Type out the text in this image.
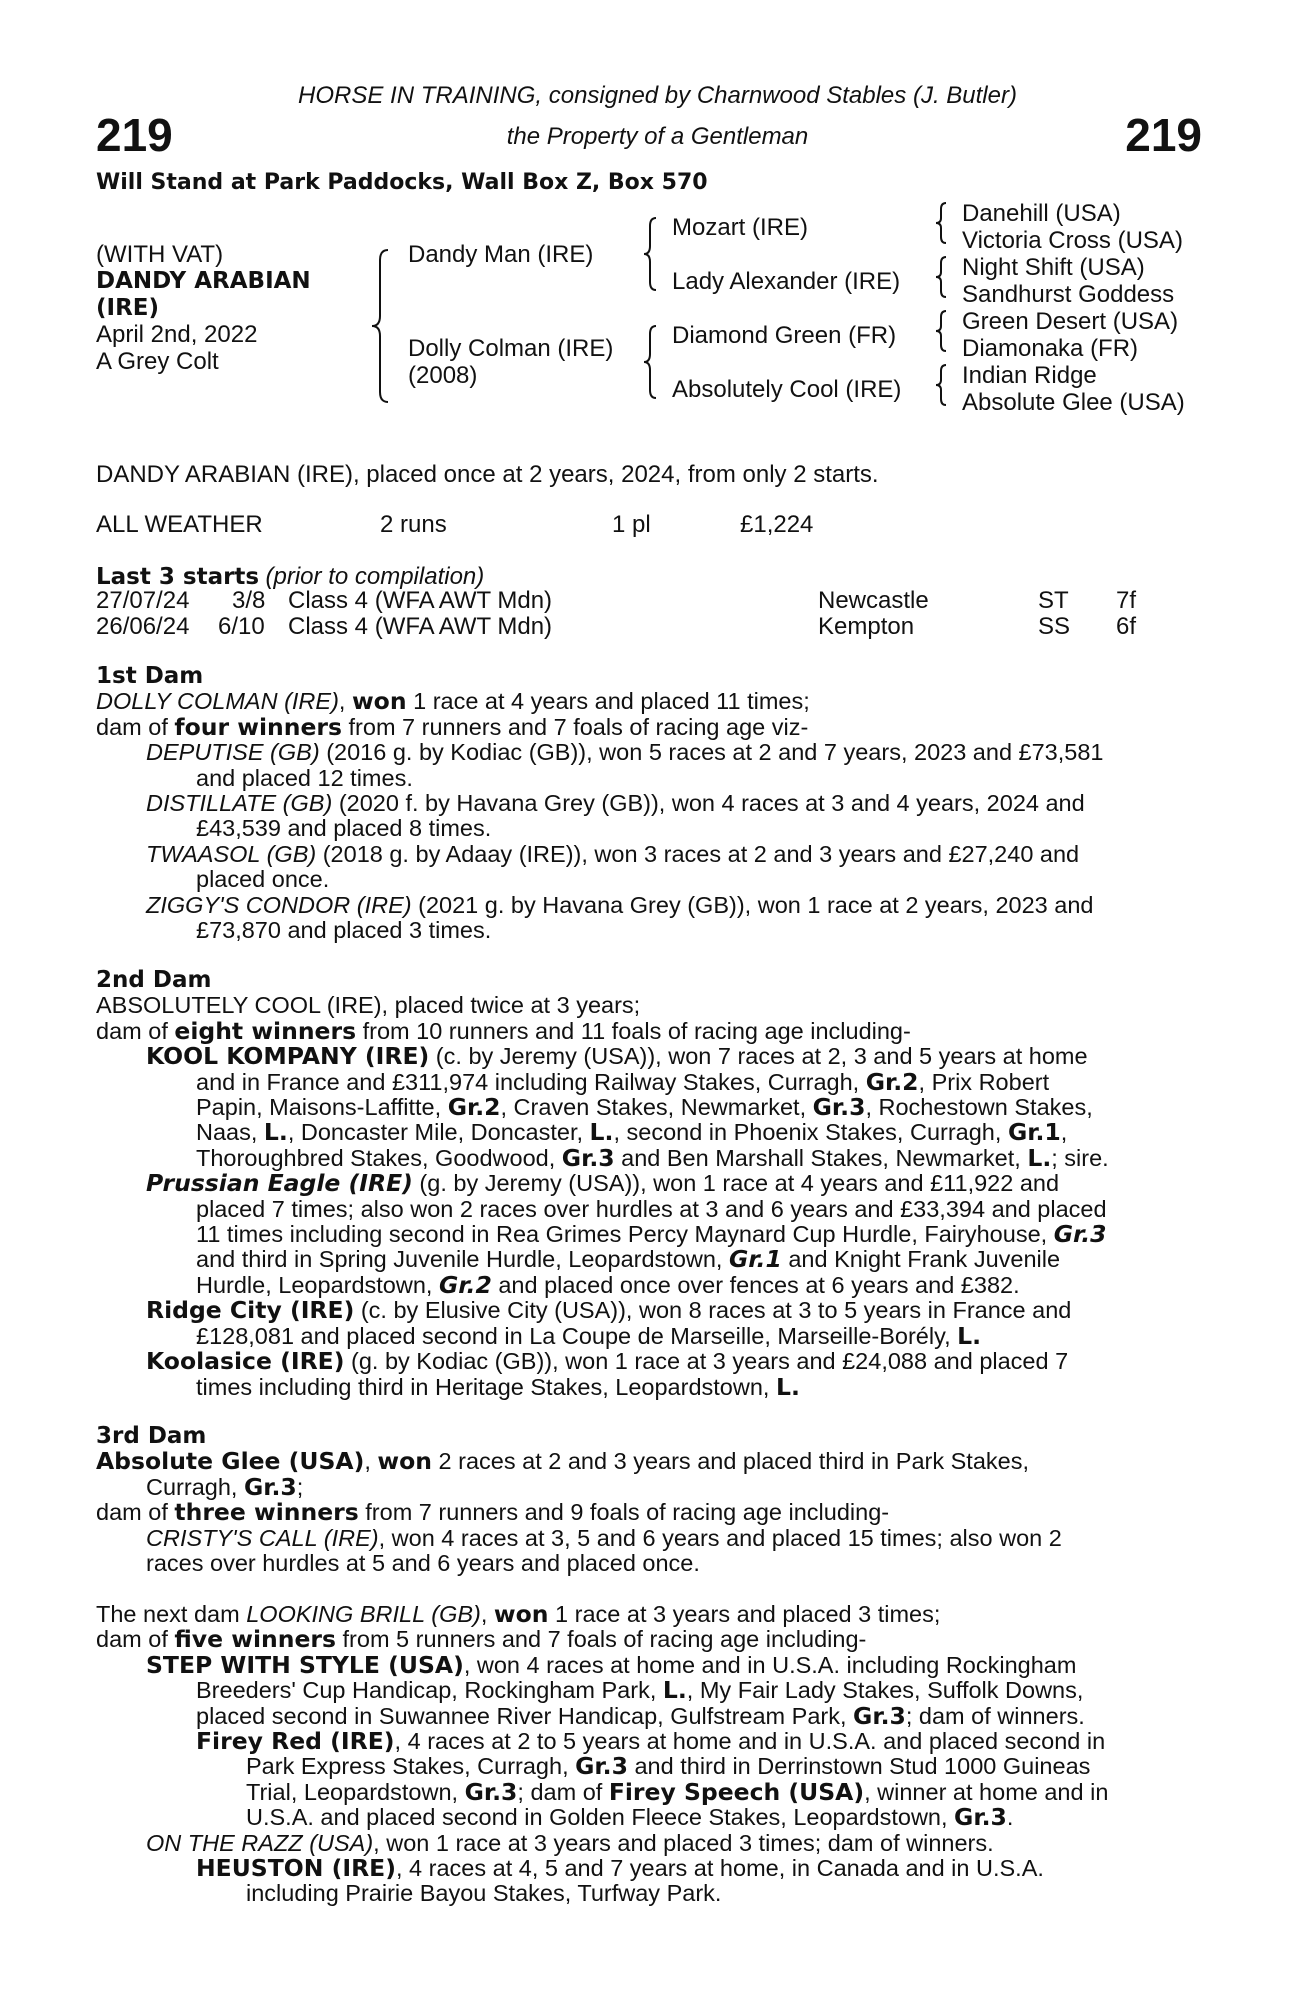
219	219
HORSE IN TRAINING, consigned by Charnwood Stables (J. Butler)
the Property of a Gentleman
Will Stand at Park Paddocks, Wall Box Z, Box 570
(WITH VAT)
DANDY ARABIAN
(IRE)
April 2nd, 2022
A Grey Colt
Dandy Man (IRE)
Dolly Colman (IRE)
(2008)
Mozart (IRE)
Lady Alexander (IRE)
Diamond Green (FR)
Absolutely Cool (IRE)
Danehill (USA)
Victoria Cross (USA)
Night Shift (USA)
Sandhurst Goddess
Green Desert (USA)
Diamonaka (FR)
Indian Ridge
Absolute Glee (USA)
DANDY ARABIAN (IRE), placed once at 2 years, 2024, from only 2 starts.
ALL WEATHER	2 runs	1 pl	£1,224
Last 3 starts (prior to compilation)
27/07/24 3/8 Class 4 (WFA AWT Mdn)	Newcastle	ST 7f
26/06/24 6/10 Class 4 (WFA AWT Mdn)	Kempton	SS 6f
1st Dam
DOLLY COLMAN (IRE), won 1 race at 4 years and placed 11 times;
dam of four winners from 7 runners and 7 foals of racing age viz-
DEPUTISE (GB) (2016 g. by Kodiac (GB)), won 5 races at 2 and 7 years, 2023 and £73,581
and placed 12 times.
DISTILLATE (GB) (2020 f. by Havana Grey (GB)), won 4 races at 3 and 4 years, 2024 and
£43,539 and placed 8 times.
TWAASOL (GB) (2018 g. by Adaay (IRE)), won 3 races at 2 and 3 years and £27,240 and
placed once.
ZIGGY'S CONDOR (IRE) (2021 g. by Havana Grey (GB)), won 1 race at 2 years, 2023 and
£73,870 and placed 3 times.
2nd Dam
ABSOLUTELY COOL (IRE), placed twice at 3 years;
dam of eight winners from 10 runners and 11 foals of racing age including-
KOOL KOMPANY (IRE) (c. by Jeremy (USA)), won 7 races at 2, 3 and 5 years at home
and in France and £311,974 including Railway Stakes, Curragh, Gr.2, Prix Robert
Papin, Maisons-Laffitte, Gr.2, Craven Stakes, Newmarket, Gr.3, Rochestown Stakes,
Naas, L., Doncaster Mile, Doncaster, L., second in Phoenix Stakes, Curragh, Gr.1,
Thoroughbred Stakes, Goodwood, Gr.3 and Ben Marshall Stakes, Newmarket, L.; sire.
Prussian Eagle (IRE) (g. by Jeremy (USA)), won 1 race at 4 years and £11,922 and
placed 7 times; also won 2 races over hurdles at 3 and 6 years and £33,394 and placed
11 times including second in Rea Grimes Percy Maynard Cup Hurdle, Fairyhouse, Gr.3
and third in Spring Juvenile Hurdle, Leopardstown, Gr.1 and Knight Frank Juvenile
Hurdle, Leopardstown, Gr.2 and placed once over fences at 6 years and £382.
Ridge City (IRE) (c. by Elusive City (USA)), won 8 races at 3 to 5 years in France and
£128,081 and placed second in La Coupe de Marseille, Marseille-Borély, L.
Koolasice (IRE) (g. by Kodiac (GB)), won 1 race at 3 years and £24,088 and placed 7
times including third in Heritage Stakes, Leopardstown, L.
3rd Dam
Absolute Glee (USA), won 2 races at 2 and 3 years and placed third in Park Stakes,
Curragh, Gr.3;
dam of three winners from 7 runners and 9 foals of racing age including-
CRISTY'S CALL (IRE), won 4 races at 3, 5 and 6 years and placed 15 times; also won 2
races over hurdles at 5 and 6 years and placed once.
The next dam LOOKING BRILL (GB), won 1 race at 3 years and placed 3 times;
dam of five winners from 5 runners and 7 foals of racing age including-
STEP WITH STYLE (USA), won 4 races at home and in U.S.A. including Rockingham
Breeders' Cup Handicap, Rockingham Park, L., My Fair Lady Stakes, Suffolk Downs,
placed second in Suwannee River Handicap, Gulfstream Park, Gr.3; dam of winners.
Firey Red (IRE), 4 races at 2 to 5 years at home and in U.S.A. and placed second in
Park Express Stakes, Curragh, Gr.3 and third in Derrinstown Stud 1000 Guineas
Trial, Leopardstown, Gr.3; dam of Firey Speech (USA), winner at home and in
U.S.A. and placed second in Golden Fleece Stakes, Leopardstown, Gr.3.
ON THE RAZZ (USA), won 1 race at 3 years and placed 3 times; dam of winners.
HEUSTON (IRE), 4 races at 4, 5 and 7 years at home, in Canada and in U.S.A.
including Prairie Bayou Stakes, Turfway Park.
